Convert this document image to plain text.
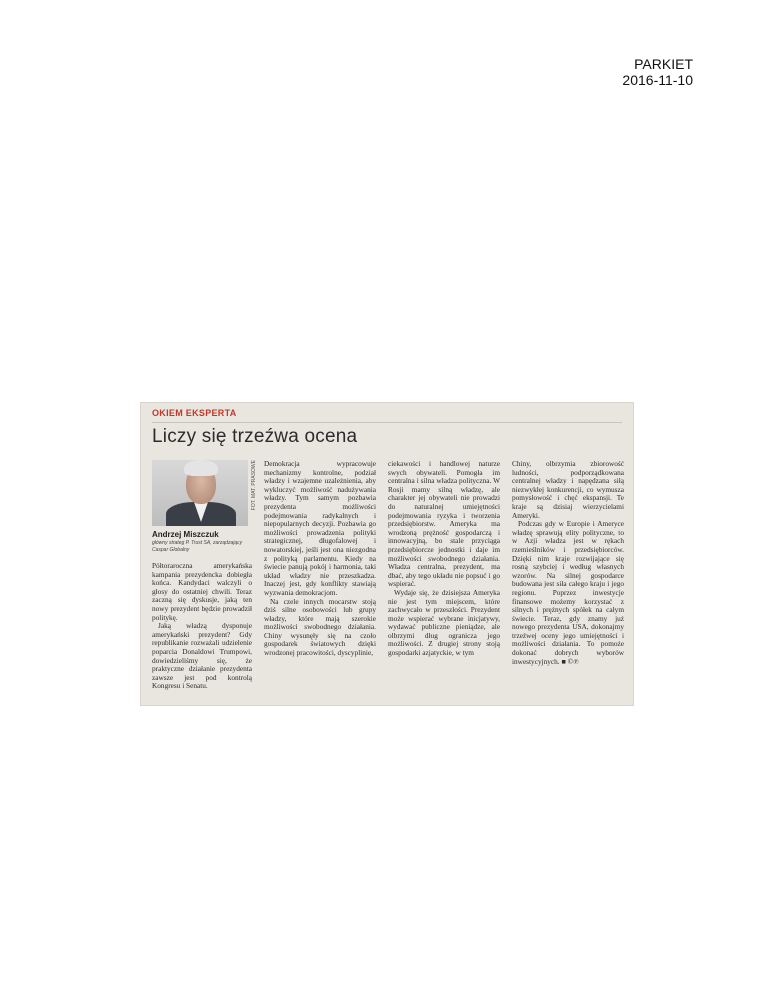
PARKIET
2016-11-10
OKIEM EKSPERTA
Liczy się trzeźwa ocena
FOT. MAT. PRASOWE
Andrzej Miszczuk
główny strateg P. Trust SA, zarządzający Caspar Globalny

Półtoraroczna amerykańska kampania prezydencka dobiegła końca. Kandydaci walczyli o głosy do ostatniej chwili. Teraz zaczną się dyskusje, jaką ten nowy prezydent będzie prowadził politykę.

Jaką władzą dysponuje amerykański prezydent? Gdy republikanie rozważali udzielenie poparcia Donaldowi Trumpowi, dowiedzieliśmy się, że praktyczne działanie prezydenta zawsze jest pod kontrolą Kongresu i Senatu.

Demokracja wypracowuje mechanizmy kontrolne, podział władzy i wzajemne uzależnienia, aby wykluczyć możliwość nadużywania władzy. Tym samym pozbawia prezydenta możliwości podejmowania radykalnych i niepopularnych decyzji. Pozbawia go możliwości prowadzenia polityki strategicznej, długofalowej i nowatorskiej, jeśli jest ona niezgodna z polityką parlamentu. Kiedy na świecie panują pokój i harmonia, taki układ władzy nie przeszkadza. Inaczej jest, gdy konflikty stawiają wyzwania demokracjom.

Na czele innych mocarstw stoją dziś silne osobowości lub grupy władzy, które mają szerokie możliwości swobodnego działania. Chiny wysunęły się na czoło gospodarek światowych dzięki wrodzonej pracowitości, dyscyplinie,

ciekawości i handlowej naturze swych obywateli. Pomogła im centralna i silna władza polityczna. W Rosji mamy silną władzę, ale charakter jej obywateli nie prowadzi do naturalnej umiejętności podejmowania ryzyka i tworzenia przedsiębiorstw. Ameryka ma wrodzoną prężność gospodarczą i innowacyjną, bo stale przyciąga przedsiębiorcze jednostki i daje im możliwości swobodnego działania. Władza centralna, prezydent, ma dbać, aby tego układu nie popsuć i go wspierać.

Wydaje się, że dzisiejsza Ameryka nie jest tym miejscem, które zachwycało w przeszłości. Prezydent może wspierać wybrane inicjatywy, wydawać publiczne pieniądze, ale olbrzymi dług ogranicza jego możliwości. Z drugiej strony stoją gospodarki azjatyckie, w tym

Chiny, olbrzymia zbiorowość ludności, podporządkowana centralnej władzy i napędzana siłą niezwykłej konkurencji, co wymusza pomysłowość i chęć ekspansji. Te kraje są dzisiaj wierzycielami Ameryki.

Podczas gdy w Europie i Ameryce władzę sprawują elity polityczne, to w Azji władza jest w rękach rzemieślników i przedsiębiorców. Dzięki nim kraje rozwijające się rosną szybciej i według własnych wzorów. Na silnej gospodarce budowana jest siła całego kraju i jego regionu. Poprzez inwestycje finansowe możemy korzystać z silnych i prężnych spółek na całym świecie. Teraz, gdy znamy już nowego prezydenta USA, dokonajmy trzeźwej oceny jego umiejętności i możliwości działania. To pomoże dokonać dobrych wyborów inwestycyjnych. ■ ©℗
